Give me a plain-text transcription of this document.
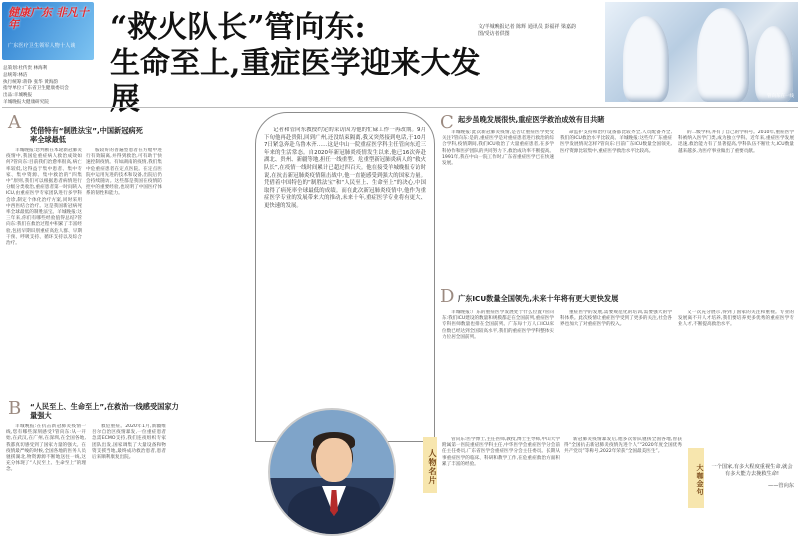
健康广东 非凡十年
广东医疗卫生领军人物十人谈
总策划:杜传贵 林海利
总统筹:林洁
执行统筹:蒋铮 张华 黄海韵
指导单位:广东省卫生健康委员会
出品:羊城晚报
羊城晚报大健康研究院
“救火队长”管向东:
生命至上,重症医学迎来大发展
文/羊城晚报记者 陈辉 通讯员 彭福祥 梁嘉韵
图/受访者供图
管向东在一线
A	凭借特有“制胜法宝”,中国新冠病死率全球最低

羊城晚报:您判断在本轮新冠肺炎疫情中,我国危重症病人救治成效如何?管向东:目前我们治愈率很高,病亡率较低,这得益于集中患者、集中专家、集中资源、集中救治的“四集中”原则,我们可以根据患者病情进行分级分类收治,重症患者第一时间转入ICU,由重症医学专家团队进行多学科会诊,制定个体化治疗方案,同时采用中西医结合治疗。这是我国新冠病死率全球最低的制胜法宝。羊城晚报:这三年来,你们有哪些经验值得总结?管向东:我们在救治过程中积累了丰富经验,包括早期识别重症高危人群、早期干预、呼吸支持、循环支持以及综合治疗。

胺较好的普遍型患者在方舱中进行有效隔离,并得到救治,可有助于快速控制疫情。有如湖南的疫情,我们集中危重症患者在定点医院。在定点医院中运用先进的技术和设备,出院后仍会持续随访。这些都是我国在疫情防控中的重要经验,也说明了中国医疗体系的韧性和能力。

B	“人民至上、生命至上”,在救治一线感受国家力量强大

羊城晚报:在抗击新冠肺炎疫情一线,您有哪些深刻感受?管向东:从一开始,在武汉,在广州,在深圳,在全国各地,我都真切感受到了国家力量的强大。在疫情最严峻的时候,全国各地的医务人员驰援湖北,物资源源不断地送往一线,这充分体现了“人民至上、生命至上”的理念。

救危重症。2020年1月,新疆维吾尔自治区疫情暴发,一位重症患者急需ECMO支持,我们连夜组织专家团队出发,国家调集了大量设备和物资支援当地,最终成功救治患者,患者后来顺利康复出院。

记者和管向东教授约定的采访因为他的忙碌工作一再改期。9月下旬他再赴贵阳,回到广州,还没结束隔离,我又突然接到电话,于10月7日紧急奔赴乌鲁木齐……这是中山一院重症医学科主任管向东近三年来的生活常态。自2020年新冠肺炎疫情发生以来,他已16次奔赴湖北、贵州、新疆等地,担任一线重型、危重型新冠肺炎病人的“救火队长”,在疫情一线时间累计已超过四百天。他在接受羊城晚报专访时说,在抗击新冠肺炎疫情阻击战中,他一直能感受到强大的国家力量。凭借着中国特色的“制胜法宝”和“人民至上、生命至上”的决心,中国取得了病死率全球最低的成绩。而在此次新冠肺炎疫情中,他作为重症医学专业的发展带来大的推动,未来十年,重症医学专业将有更大、更快速的发展。

C 起步虽晚发展很快,重症医学救治成效有目共睹

羊城晚报:此次新冠肺炎疫情,是否让重症医学更受关注?管向东:是的,重症医学是对重症患者进行救治的综合学科,疫情期间,我们ICU收治了大量重症患者,在多学科协作和医护团队的共同努力下,救治成功率不断提高。1991年,我在中山一院工作时,广东省重症医学已在快速发展。

命监护支持和治疗设备都比较齐全,人员配备齐全,我们的ICU救治水平比较高。羊城晚报:这些年广东重症医学发展情况怎样?管向东:目前广东ICU数量全国领先,医疗资源比较集中,重症医学救治水平比较高。

的二级学科,并有了自己的学科号。2010年,重症医学科被纳入医学门类,成为独立学科。近年来,重症医学发展迅速,救治能力有了显著提高,学科队伍不断壮大,ICU数量越来越多,为医疗事业做出了重要贡献。

D 广东ICU数量全国领先,未来十年将有更大更快发展

羊城晚报:广东的重症医学发展处于什么位置?管向东:我们ICU建设的数量和规模都走在全国前列,重症医学专科医师数量也排在全国前列。广东每十万人口ICU床位数已经达到全国较高水平,我们的重症医学学科整体实力位居全国前列。

重症医学的发展,需要规范化的培训,需要强大的学科体系。此次疫情让重症医学受到了更多的关注,社会各界也加大了对重症医学的投入。

又一次充分展示,得到了国家的关注和重视。专业的发展离不开人才培养,我们要培养更多优秀的重症医学专业人才,不断提高救治水平。

人物名片

管向东:医学博士,主任医师,教授,博士生导师,中山大学附属第一医院重症医学科主任,中华医学会重症医学分会前任主任委员,广东省医学会重症医学分会主任委员。长期从事重症医学的临床、科研和教学工作,在危重症救治方面积累了丰富的经验。

新冠肺炎疫情暴发后,他多次带队驰援全国各地,曾获得“全国抗击新冠肺炎疫情先进个人”“2020年度全国优秀共产党员”等称号,2022年荣获“全国最美医生”。

大咖金句 一个国家,有多大程度重视生命,就会有多大能力去挽救生命!
——管向东
